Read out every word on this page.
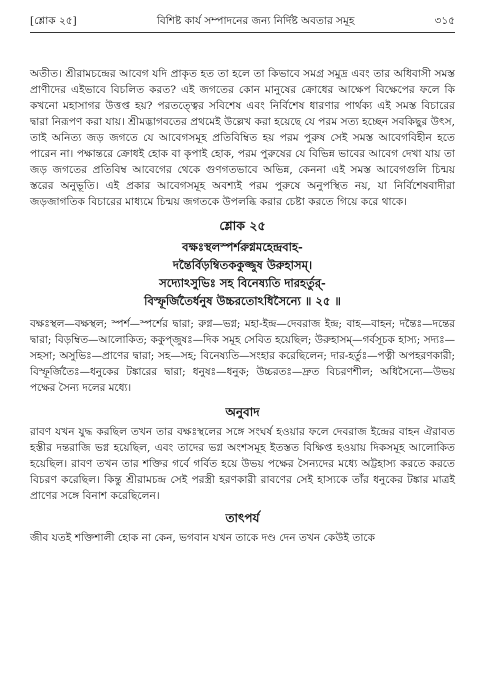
[শ্লোক ২৫]	বিশিষ্ট কার্য সম্পাদনের জন্য নির্দিষ্ট অবতার সমূহ	৩১৫

অতীত। শ্রীরামচন্দ্রের আবেগ যদি প্রাকৃত হত তা হলে তা কিভাবে সমগ্র সমুদ্র এবং তার অধিবাসী সমস্ত প্রাণীদের এইভাবে বিচলিত করত? এই জগতের কোন মানুষের ক্রোধের আক্ষেপ বিক্ষেপের ফলে কি কখনো মহাসাগর উত্তপ্ত হয়? পরতত্ত্বের সবিশেষ এবং নির্বিশেষ ধারণার পার্থক্য এই সমস্ত বিচারের দ্বারা নিরূপণ করা যায়। শ্রীমদ্ভাগবতের প্রথমেই উল্লেখ করা হয়েছে যে পরম সত্য হচ্ছেন সবকিছুর উৎস, তাই অনিত্য জড় জগতে যে আবেগসমূহ প্রতিবিম্বিত হয় পরম পুরুষ সেই সমস্ত আবেগবিহীন হতে পারেন না। পক্ষান্তরে ক্রোধই হোক বা কৃপাই হোক, পরম পুরুষের যে বিভিন্ন ভাবের আবেগ দেখা যায় তা জড় জগতের প্রতিবিম্ব আবেগের থেকে গুণগতভাবে অভিন্ন, কেননা এই সমস্ত আবেগগুলি চিন্ময় স্তরের অনুভূতি। এই প্রকার আবেগসমূহ অবশ্যই পরম পুরুষে অনুপস্থিত নয়, যা নির্বিশেষবাদীরা জড়জাগতিক বিচারের মাধ্যমে চিন্ময় জগতকে উপলব্ধি করার চেষ্টা করতে গিয়ে করে থাকে।

শ্লোক ২৫
বক্ষঃস্থলস্পর্শরুগ্নমহেন্দ্রবাহ-
দন্তৈর্বিড়ম্বিতককুজ্জুষ উরুহাসম্‌।
সদ্যোঽসুভিঃ সহ বিনেষ্যতি দারহর্তুর্-
বিস্ফূর্জিতৈর্ধনুষ উচ্চরতোঽধিসৈন্যে ॥ ২৫ ॥

বক্ষঃস্থল—বক্ষস্থল; স্পর্শ—স্পর্শের দ্বারা; রুগ্ন—ভগ্ন; মহা-ইন্দ্র—দেবরাজ ইন্দ্র; বাহ—বাহন; দন্তৈঃ—দন্তের দ্বারা; বিড়ম্বিত—আলোকিত; ককুপ্‌জুষঃ—দিক সমূহ সেবিত হয়েছিল; উরুহাসম্—গর্বসূচক হাস্য; সদ্যঃ—সহসা; অসুভিঃ—প্রাণের দ্বারা; সহ—সহ; বিনেষ্যতি—সংহার করেছিলেন; দার-হর্তুঃ—পত্নী অপহরণকারী; বিস্ফূর্জিতৈঃ—ধনুকের টঙ্কারের দ্বারা; ধনুষঃ—ধনুক; উচ্চরতঃ—দ্রুত বিচরণশীল; অধিসৈন্যে—উভয় পক্ষের সৈন্য দলের মধ্যে।

অনুবাদ

রাবণ যখন যুদ্ধ করছিল তখন তার বক্ষঃস্থলের সঙ্গে সংঘর্ষ হওয়ার ফলে দেবরাজ ইন্দ্রের বাহন ঐরাবত হস্তীর দন্তরাজি ভগ্ন হয়েছিল, এবং তাদের ভগ্ন অংশসমূহ ইতস্তত বিক্ষিপ্ত হওয়ায় দিকসমূহ আলোকিত হয়েছিল। রাবণ তখন তার শক্তির গর্বে গর্বিত হয়ে উভয় পক্ষের সৈন্যদের মধ্যে অট্টহাস্য করতে করতে বিচরণ করেছিল। কিন্তু শ্রীরামচন্দ্র সেই পরস্ত্রী হরণকারী রাবণের সেই হাস্যকে তাঁর ধনুকের টঙ্কার মাত্রই প্রাণের সঙ্গে বিনাশ করেছিলেন।

তাৎপর্য

জীব যতই শক্তিশালী হোক না কেন, ভগবান যখন তাকে দণ্ড দেন তখন কেউই তাকে
